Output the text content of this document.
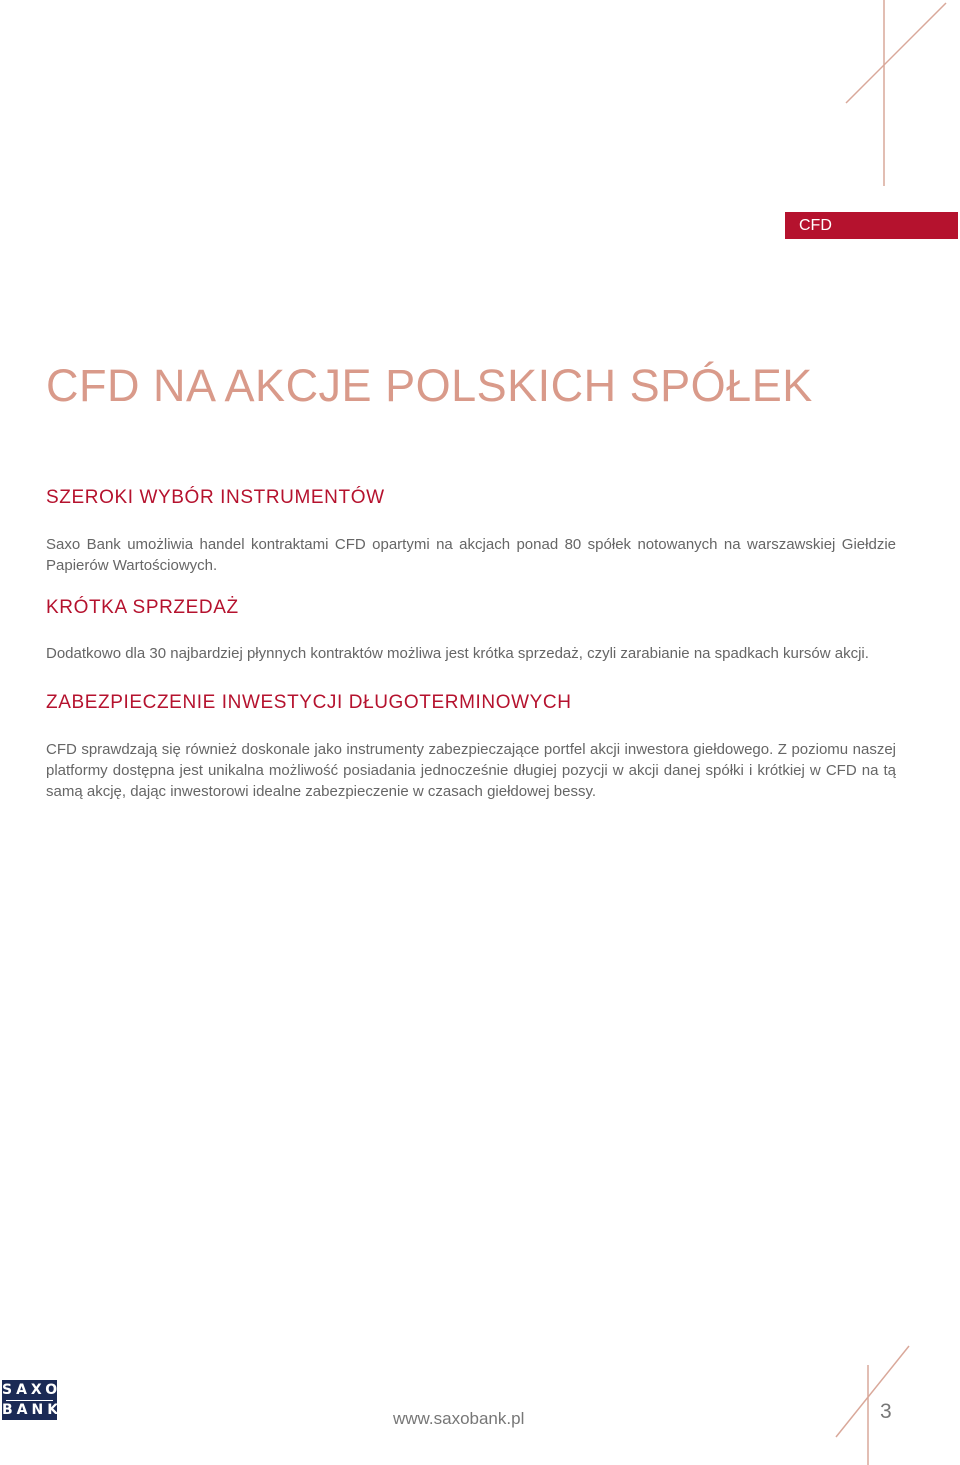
CFD
CFD NA AKCJE POLSKICH SPÓŁEK
SZEROKI WYBÓR INSTRUMENTÓW

Saxo Bank umożliwia handel kontraktami CFD opartymi na akcjach ponad 80 spółek notowanych na warszawskiej Giełdzie Papierów Wartościowych.

KRÓTKA SPRZEDAŻ

Dodatkowo dla 30 najbardziej płynnych kontraktów możliwa jest krótka sprzedaż, czyli zarabianie na spadkach kursów akcji.

ZABEZPIECZENIE INWESTYCJI DŁUGOTERMINOWYCH

CFD sprawdzają się również doskonale jako instrumenty zabezpieczające portfel akcji inwestora giełdowego. Z poziomu naszej platformy dostępna jest unikalna możliwość posiadania jednocześnie długiej pozycji w akcji danej spółki i krótkiej w CFD na tą samą akcję, dając inwestorowi idealne zabezpieczenie w czasach giełdowej bessy.

SAXO
BANK	www.saxobank.pl	3
